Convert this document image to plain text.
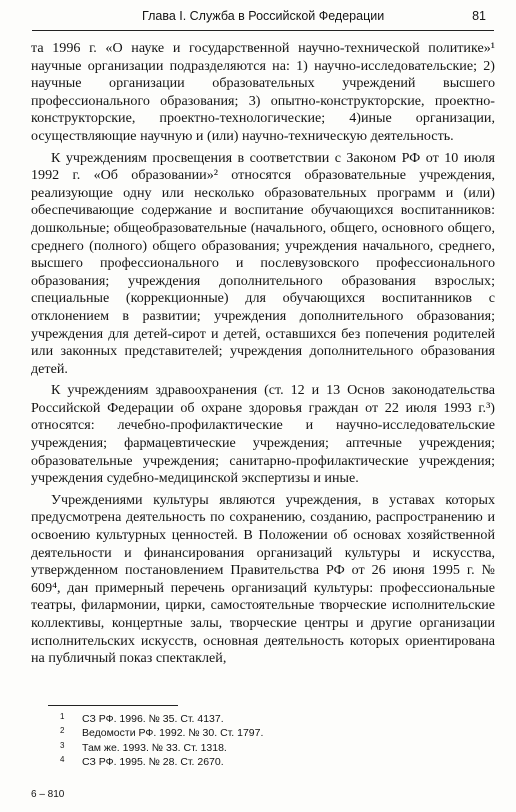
Глава I. Служба в Российской Федерации	81

та 1996 г. «О науке и государственной научно-технической политике»¹ научные организации подразделяются на: 1) научно-исследовательские; 2) научные организации образовательных учреждений высшего профессионального образования; 3) опытно-конструкторские, проектно-конструкторские, проектно-технологические; 4)иные организации, осуществляющие научную и (или) научно-техническую деятельность.

К учреждениям просвещения в соответствии с Законом РФ от 10 июля 1992 г. «Об образовании»² относятся образовательные учреждения, реализующие одну или несколько образовательных программ и (или) обеспечивающие содержание и воспитание обучающихся воспитанников: дошкольные; общеобразовательные (начального, общего, основного общего, среднего (полного) общего образования; учреждения начального, среднего, высшего профессионального и послевузовского профессионального образования; учреждения дополнительного образования взрослых; специальные (коррекционные) для обучающихся воспитанников с отклонением в развитии; учреждения дополнительного образования; учреждения для детей-сирот и детей, оставшихся без попечения родителей или законных представителей; учреждения дополнительного образования детей.

К учреждениям здравоохранения (ст. 12 и 13 Основ законодательства Российской Федерации об охране здоровья граждан от 22 июля 1993 г.³) относятся: лечебно-профилактические и научно-исследовательские учреждения; фармацевтические учреждения; аптечные учреждения; образовательные учреждения; санитарно-профилактические учреждения; учреждения судебно-медицинской экспертизы и иные.

Учреждениями культуры являются учреждения, в уставах которых предусмотрена деятельность по сохранению, созданию, распространению и освоению культурных ценностей. В Положении об основах хозяйственной деятельности и финансирования организаций культуры и искусства, утвержденном постановлением Правительства РФ от 26 июня 1995 г. № 609⁴, дан примерный перечень организаций культуры: профессиональные театры, филармонии, цирки, самостоятельные творческие исполнительские коллективы, концертные залы, творческие центры и другие организации исполнительских искусств, основная деятельность которых ориентирована на публичный показ спектаклей,

1	СЗ РФ. 1996. № 35. Ст. 4137.
2	Ведомости РФ. 1992. № 30. Ст. 1797.
3	Там же. 1993. № 33. Ст. 1318.
4	СЗ РФ. 1995. № 28. Ст. 2670.
6 – 810
